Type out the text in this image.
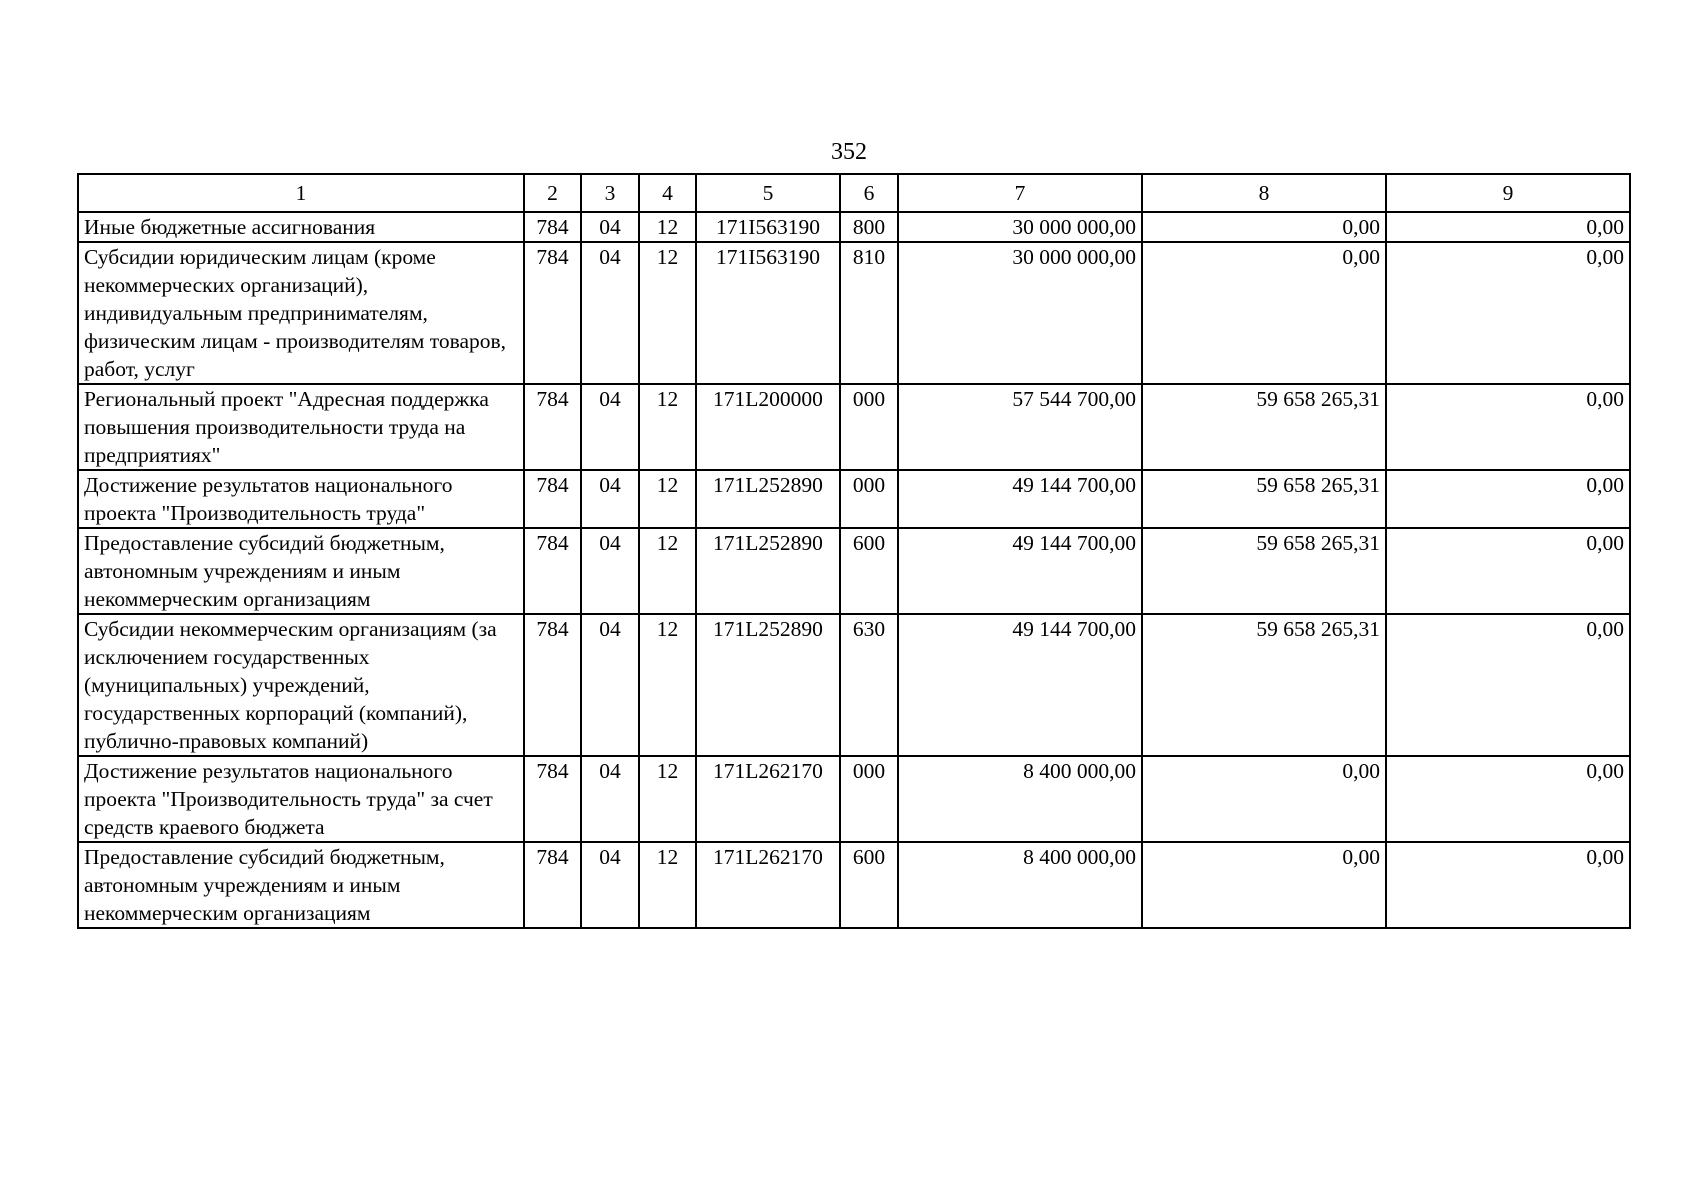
352
1	2	3	4	5	6	7	8	9
Иные бюджетные ассигнования	784	04	12	171I563190	800	30 000 000,00	0,00	0,00
Субсидии юридическим лицам (кроме некоммерческих организаций), индивидуальным предпринимателям, физическим лицам - производителям товаров, работ, услуг	784	04	12	171I563190	810	30 000 000,00	0,00	0,00
Региональный проект "Адресная поддержка повышения производительности труда на предприятиях"	784	04	12	171L200000	000	57 544 700,00	59 658 265,31	0,00
Достижение результатов национального проекта "Производительность труда"	784	04	12	171L252890	000	49 144 700,00	59 658 265,31	0,00
Предоставление субсидий бюджетным, автономным учреждениям и иным некоммерческим организациям	784	04	12	171L252890	600	49 144 700,00	59 658 265,31	0,00
Субсидии некоммерческим организациям (за исключением государственных (муниципальных) учреждений, государственных корпораций (компаний), публично-правовых компаний)	784	04	12	171L252890	630	49 144 700,00	59 658 265,31	0,00
Достижение результатов национального проекта "Производительность труда" за счет средств краевого бюджета	784	04	12	171L262170	000	8 400 000,00	0,00	0,00
Предоставление субсидий бюджетным, автономным учреждениям и иным некоммерческим организациям	784	04	12	171L262170	600	8 400 000,00	0,00	0,00
